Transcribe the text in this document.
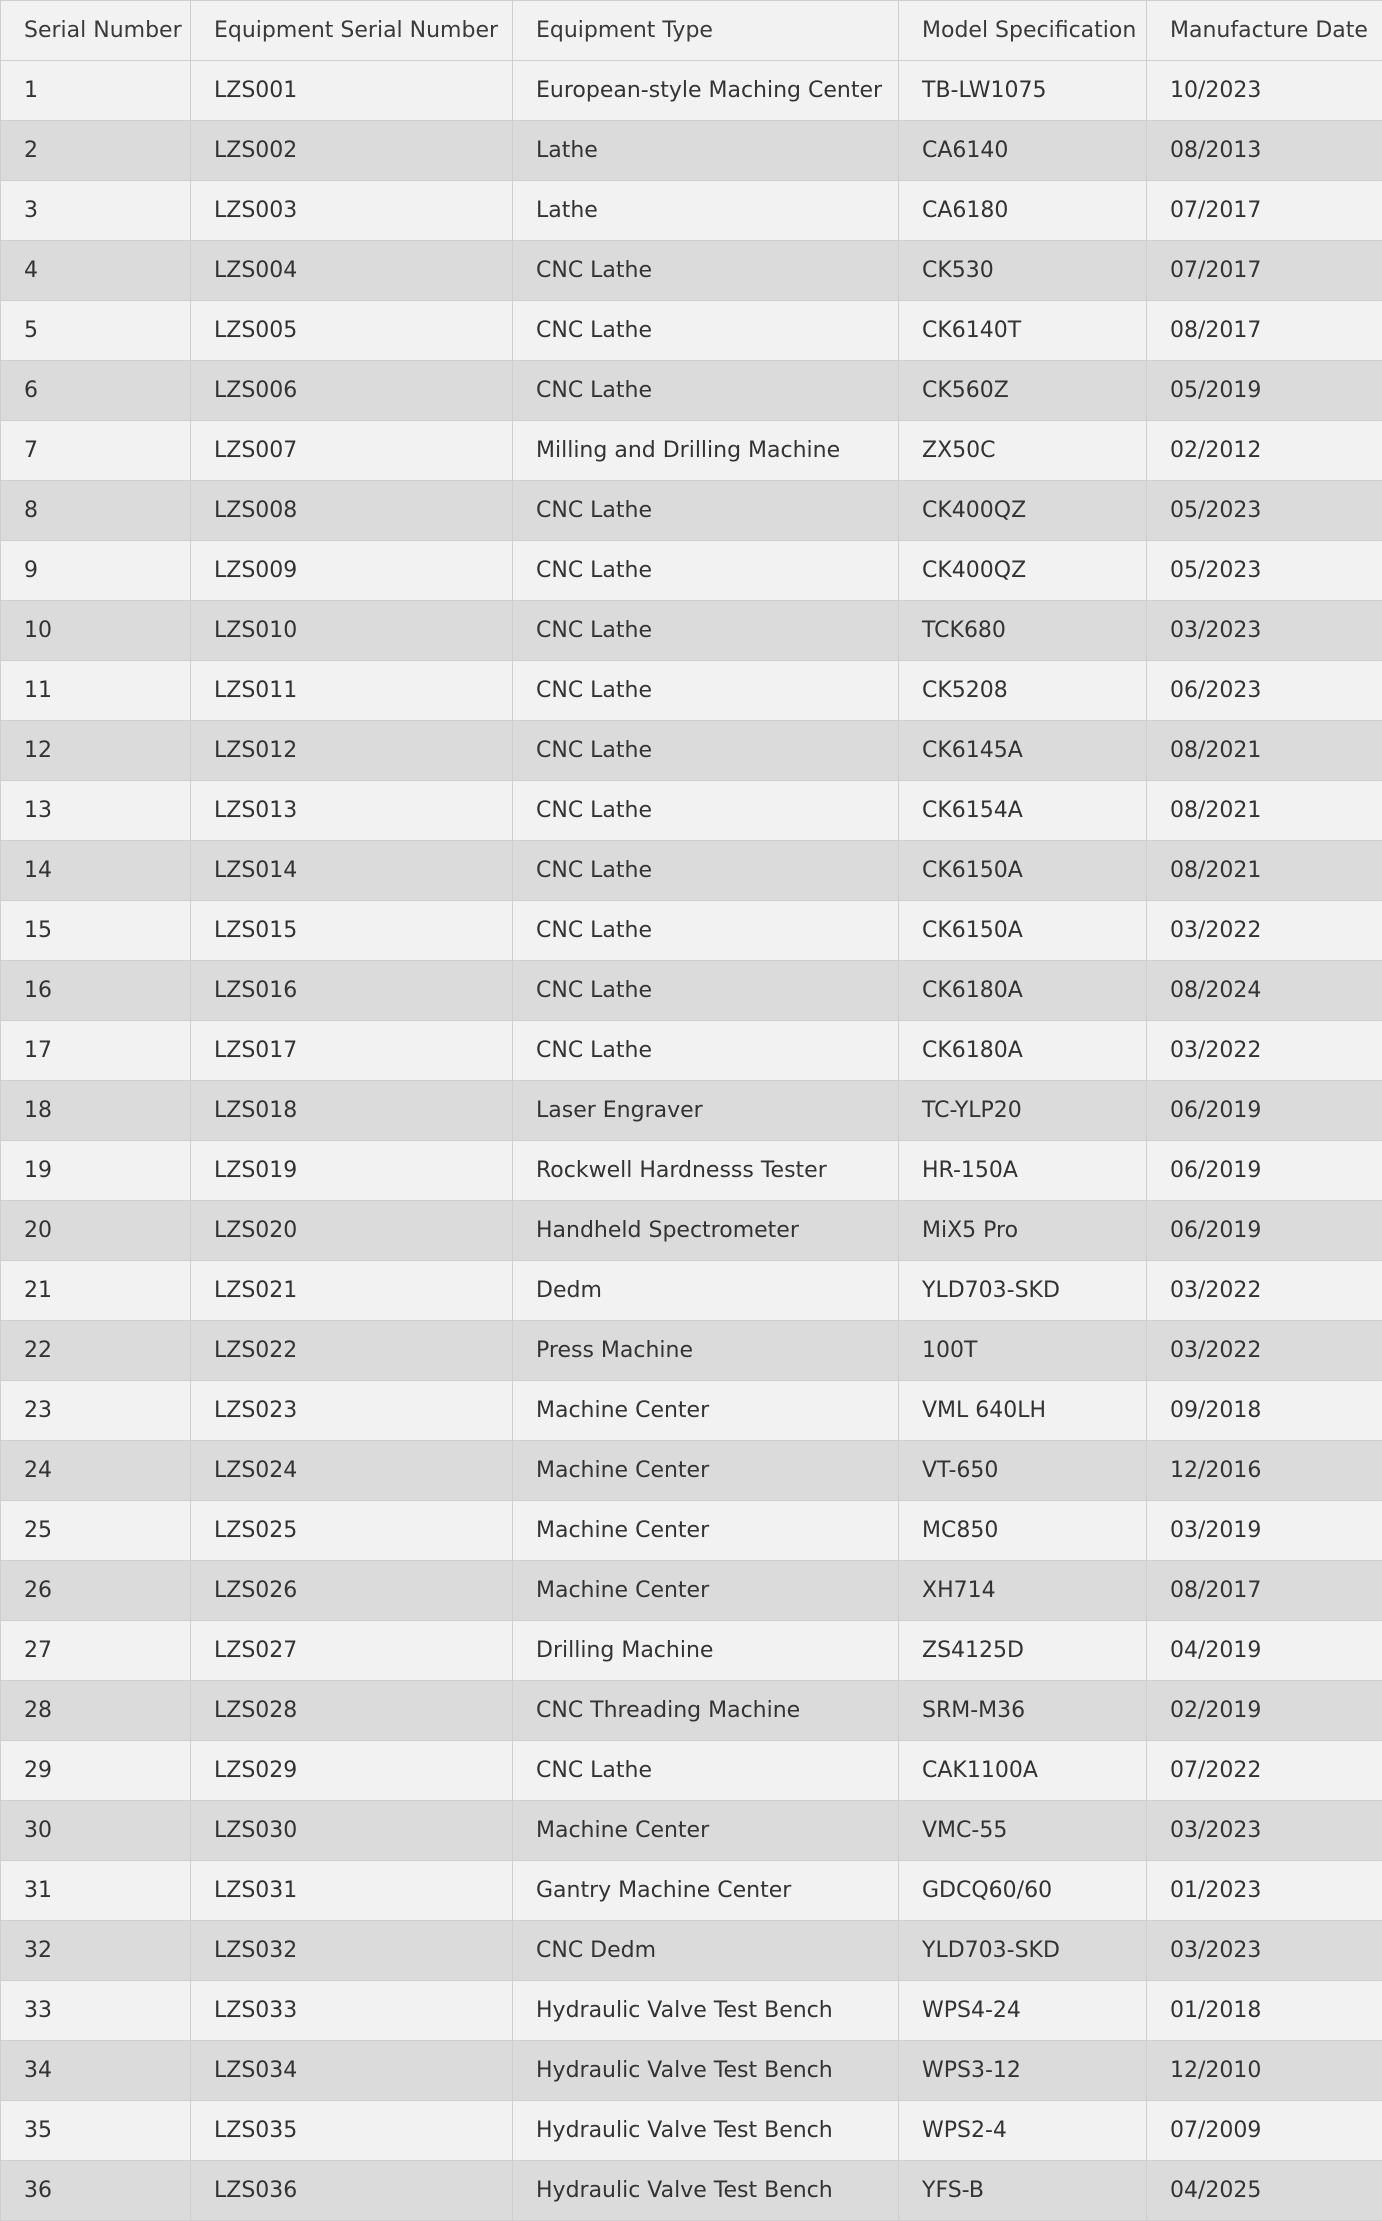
Serial Number	Equipment Serial Number	Equipment Type	Model Specification	Manufacture Date
1	LZS001	European-style Maching Center	TB-LW1075	10/2023
2	LZS002	Lathe	CA6140	08/2013
3	LZS003	Lathe	CA6180	07/2017
4	LZS004	CNC Lathe	CK530	07/2017
5	LZS005	CNC Lathe	CK6140T	08/2017
6	LZS006	CNC Lathe	CK560Z	05/2019
7	LZS007	Milling and Drilling Machine	ZX50C	02/2012
8	LZS008	CNC Lathe	CK400QZ	05/2023
9	LZS009	CNC Lathe	CK400QZ	05/2023
10	LZS010	CNC Lathe	TCK680	03/2023
11	LZS011	CNC Lathe	CK5208	06/2023
12	LZS012	CNC Lathe	CK6145A	08/2021
13	LZS013	CNC Lathe	CK6154A	08/2021
14	LZS014	CNC Lathe	CK6150A	08/2021
15	LZS015	CNC Lathe	CK6150A	03/2022
16	LZS016	CNC Lathe	CK6180A	08/2024
17	LZS017	CNC Lathe	CK6180A	03/2022
18	LZS018	Laser Engraver	TC-YLP20	06/2019
19	LZS019	Rockwell Hardnesss Tester	HR-150A	06/2019
20	LZS020	Handheld Spectrometer	MiX5 Pro	06/2019
21	LZS021	Dedm	YLD703-SKD	03/2022
22	LZS022	Press Machine	100T	03/2022
23	LZS023	Machine Center	VML 640LH	09/2018
24	LZS024	Machine Center	VT-650	12/2016
25	LZS025	Machine Center	MC850	03/2019
26	LZS026	Machine Center	XH714	08/2017
27	LZS027	Drilling Machine	ZS4125D	04/2019
28	LZS028	CNC Threading Machine	SRM-M36	02/2019
29	LZS029	CNC Lathe	CAK1100A	07/2022
30	LZS030	Machine Center	VMC-55	03/2023
31	LZS031	Gantry Machine Center	GDCQ60/60	01/2023
32	LZS032	CNC Dedm	YLD703-SKD	03/2023
33	LZS033	Hydraulic Valve Test Bench	WPS4-24	01/2018
34	LZS034	Hydraulic Valve Test Bench	WPS3-12	12/2010
35	LZS035	Hydraulic Valve Test Bench	WPS2-4	07/2009
36	LZS036	Hydraulic Valve Test Bench	YFS-B	04/2025
